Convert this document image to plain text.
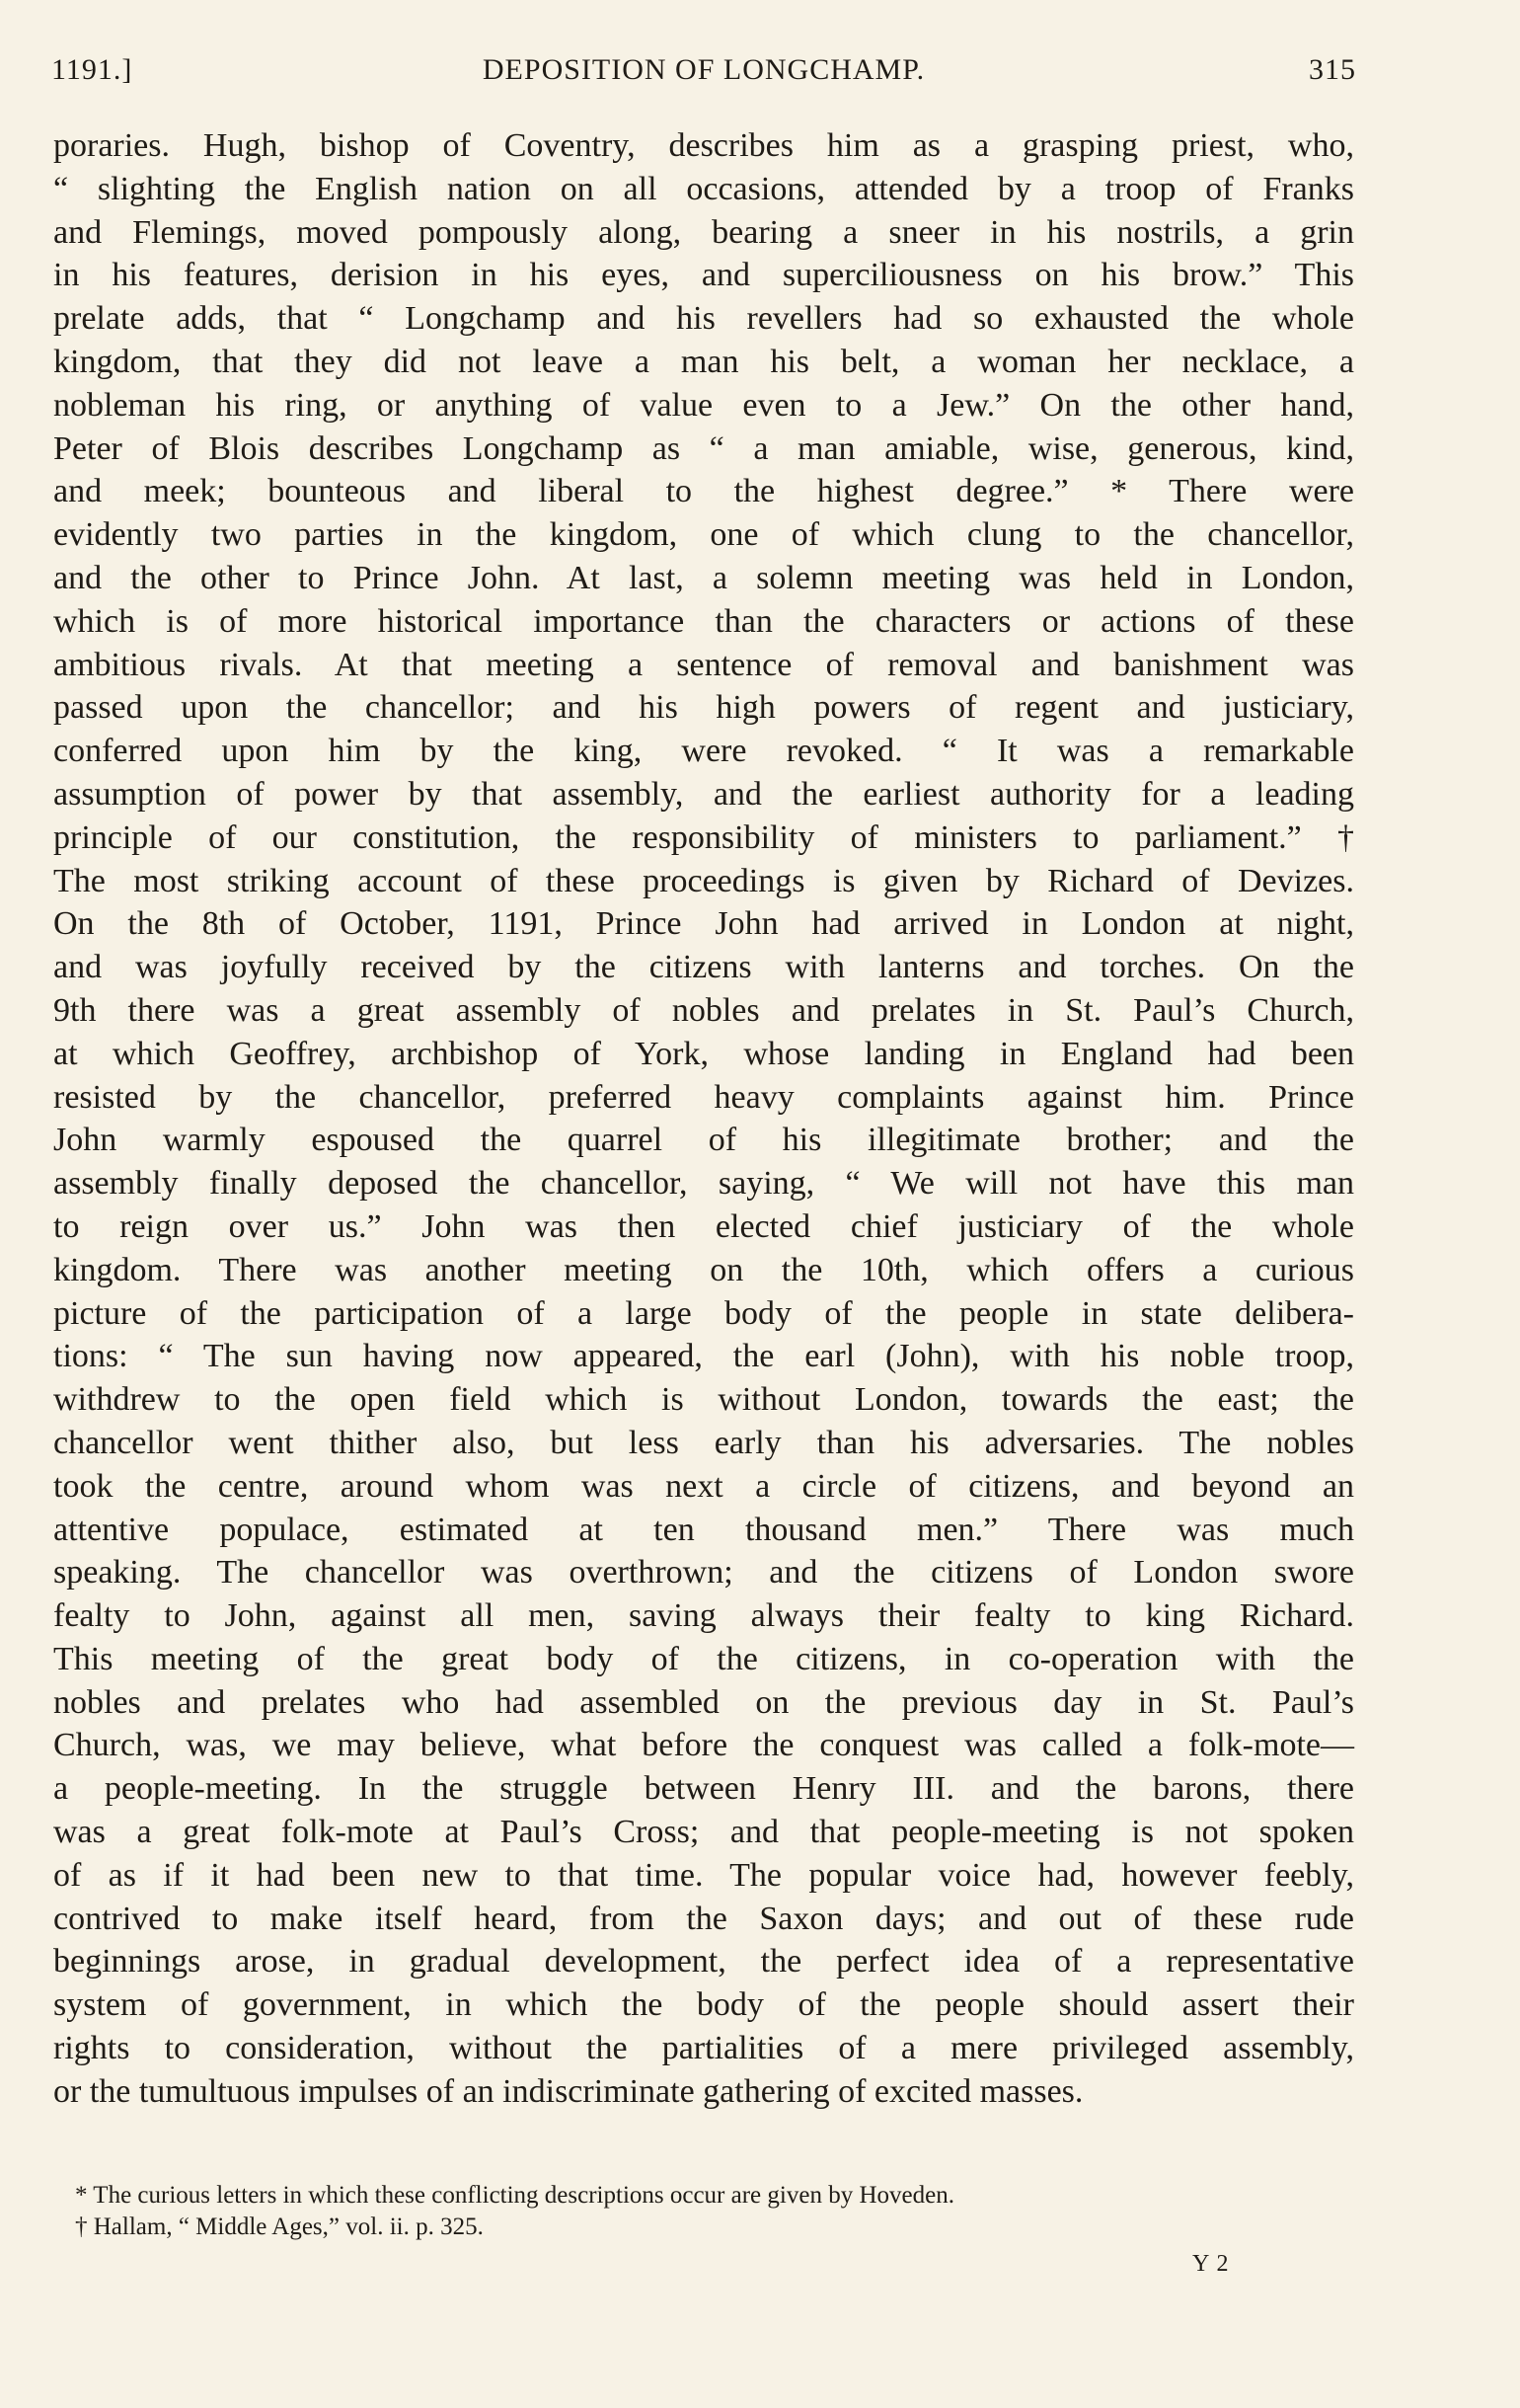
1191.]	DEPOSITION OF LONGCHAMP.	315
poraries. Hugh, bishop of Coventry, describes him as a grasping priest, who,
“ slighting the English nation on all occasions, attended by a troop of Franks
and Flemings, moved pompously along, bearing a sneer in his nostrils, a grin
in his features, derision in his eyes, and superciliousness on his brow.” This
prelate adds, that “ Longchamp and his revellers had so exhausted the whole
kingdom, that they did not leave a man his belt, a woman her necklace, a
nobleman his ring, or anything of value even to a Jew.” On the other hand,
Peter of Blois describes Longchamp as “ a man amiable, wise, generous, kind,
and meek; bounteous and liberal to the highest degree.” * There were
evidently two parties in the kingdom, one of which clung to the chancellor,
and the other to Prince John. At last, a solemn meeting was held in London,
which is of more historical importance than the characters or actions of these
ambitious rivals. At that meeting a sentence of removal and banishment was
passed upon the chancellor; and his high powers of regent and justiciary,
conferred upon him by the king, were revoked. “ It was a remarkable
assumption of power by that assembly, and the earliest authority for a leading
principle of our constitution, the responsibility of ministers to parliament.” †
The most striking account of these proceedings is given by Richard of Devizes.
On the 8th of October, 1191, Prince John had arrived in London at night,
and was joyfully received by the citizens with lanterns and torches. On the
9th there was a great assembly of nobles and prelates in St. Paul’s Church,
at which Geoffrey, archbishop of York, whose landing in England had been
resisted by the chancellor, preferred heavy complaints against him. Prince
John warmly espoused the quarrel of his illegitimate brother; and the
assembly finally deposed the chancellor, saying, “ We will not have this man
to reign over us.” John was then elected chief justiciary of the whole
kingdom. There was another meeting on the 10th, which offers a curious
picture of the participation of a large body of the people in state delibera-
tions: “ The sun having now appeared, the earl (John), with his noble troop,
withdrew to the open field which is without London, towards the east; the
chancellor went thither also, but less early than his adversaries. The nobles
took the centre, around whom was next a circle of citizens, and beyond an
attentive populace, estimated at ten thousand men.” There was much
speaking. The chancellor was overthrown; and the citizens of London swore
fealty to John, against all men, saving always their fealty to king Richard.
This meeting of the great body of the citizens, in co-operation with the
nobles and prelates who had assembled on the previous day in St. Paul’s
Church, was, we may believe, what before the conquest was called a folk-mote—
a people-meeting. In the struggle between Henry III. and the barons, there
was a great folk-mote at Paul’s Cross; and that people-meeting is not spoken
of as if it had been new to that time. The popular voice had, however feebly,
contrived to make itself heard, from the Saxon days; and out of these rude
beginnings arose, in gradual development, the perfect idea of a representative
system of government, in which the body of the people should assert their
rights to consideration, without the partialities of a mere privileged assembly,
or the tumultuous impulses of an indiscriminate gathering of excited masses.
* The curious letters in which these conflicting descriptions occur are given by Hoveden.
† Hallam, “ Middle Ages,” vol. ii. p. 325.
Y 2
